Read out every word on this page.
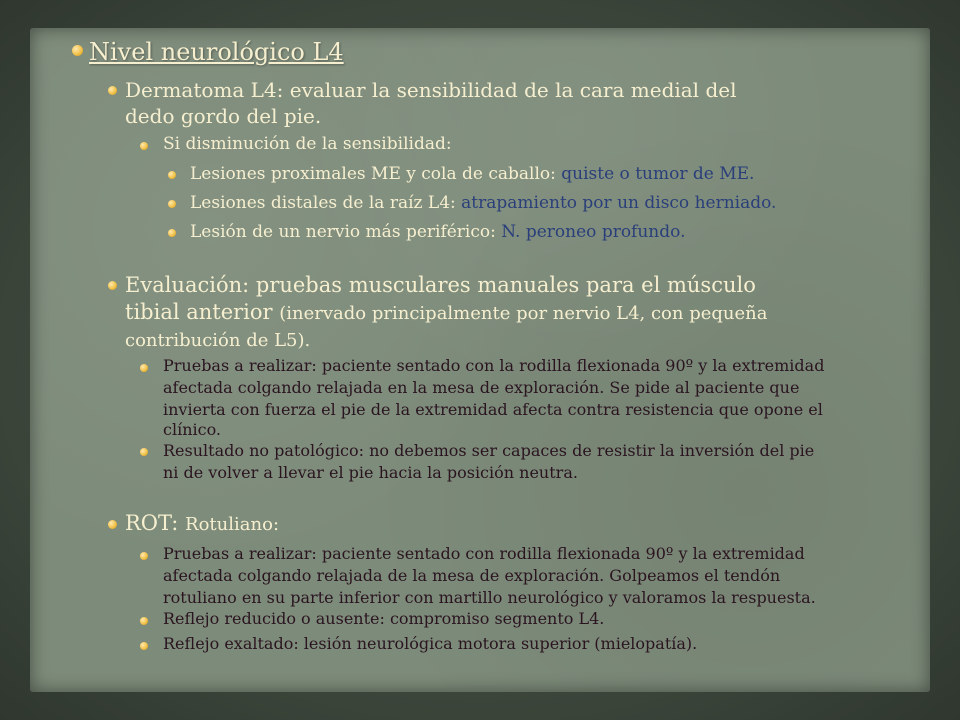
Nivel neurológico L4
Dermatoma L4: evaluar la sensibilidad de la cara medial del
dedo gordo del pie.
Si disminución de la sensibilidad:
Lesiones proximales ME y cola de caballo: quiste o tumor de ME.
Lesiones distales de la raíz L4: atrapamiento por un disco herniado.
Lesión de un nervio más periférico: N. peroneo profundo.
Evaluación: pruebas musculares manuales para el músculo
tibial anterior (inervado principalmente por nervio L4, con pequeña
contribución de L5).
Pruebas a realizar: paciente sentado con la rodilla flexionada 90º y la extremidad
afectada colgando relajada en la mesa de exploración. Se pide al paciente que
invierta con fuerza el pie de la extremidad afecta contra resistencia que opone el
clínico.
Resultado no patológico: no debemos ser capaces de resistir la inversión del pie
ni de volver a llevar el pie hacia la posición neutra.
ROT: Rotuliano:
Pruebas a realizar: paciente sentado con rodilla flexionada 90º y la extremidad
afectada colgando relajada de la mesa de exploración. Golpeamos el tendón
rotuliano en su parte inferior con martillo neurológico y valoramos la respuesta.
Reflejo reducido o ausente: compromiso segmento L4.
Reflejo exaltado: lesión neurológica motora superior (mielopatía).
